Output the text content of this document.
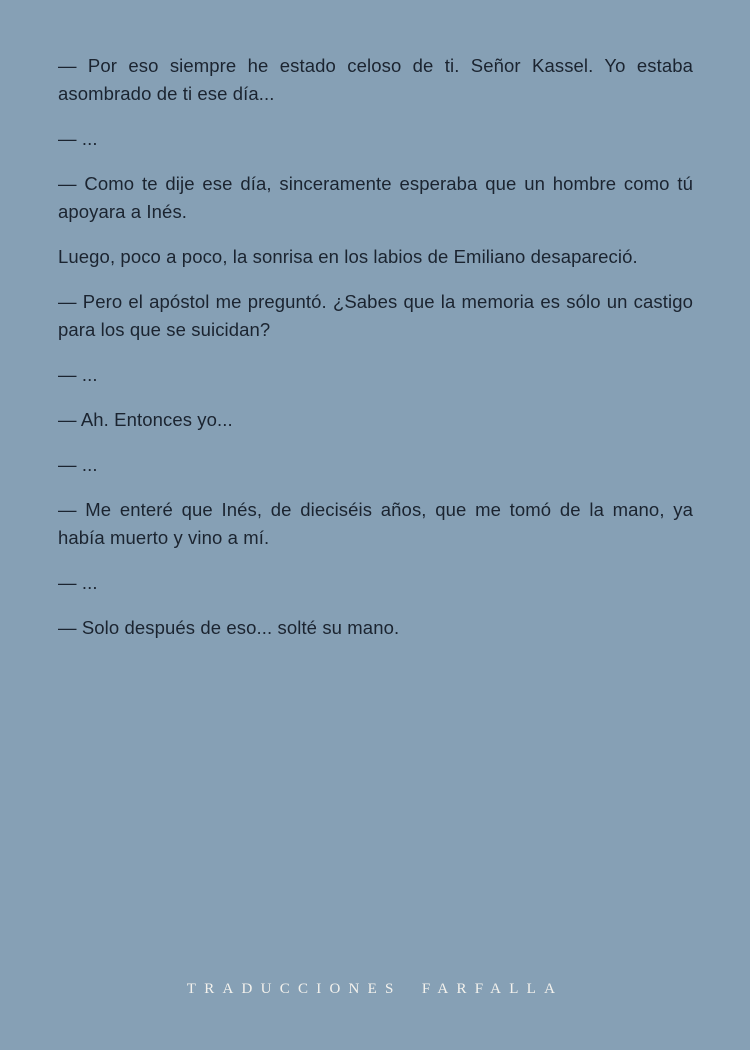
— Por eso siempre he estado celoso de ti. Señor Kassel. Yo estaba asombrado de ti ese día...

— ...

— Como te dije ese día, sinceramente esperaba que un hombre como tú apoyara a Inés.

Luego, poco a poco, la sonrisa en los labios de Emiliano desapareció.

— Pero el apóstol me preguntó. ¿Sabes que la memoria es sólo un castigo para los que se suicidan?

— ...

— Ah. Entonces yo...

— ...

— Me enteré que Inés, de dieciséis años, que me tomó de la mano, ya había muerto y vino a mí.

— ...

— Solo después de eso... solté su mano.

TRADUCCIONES FARFALLA
